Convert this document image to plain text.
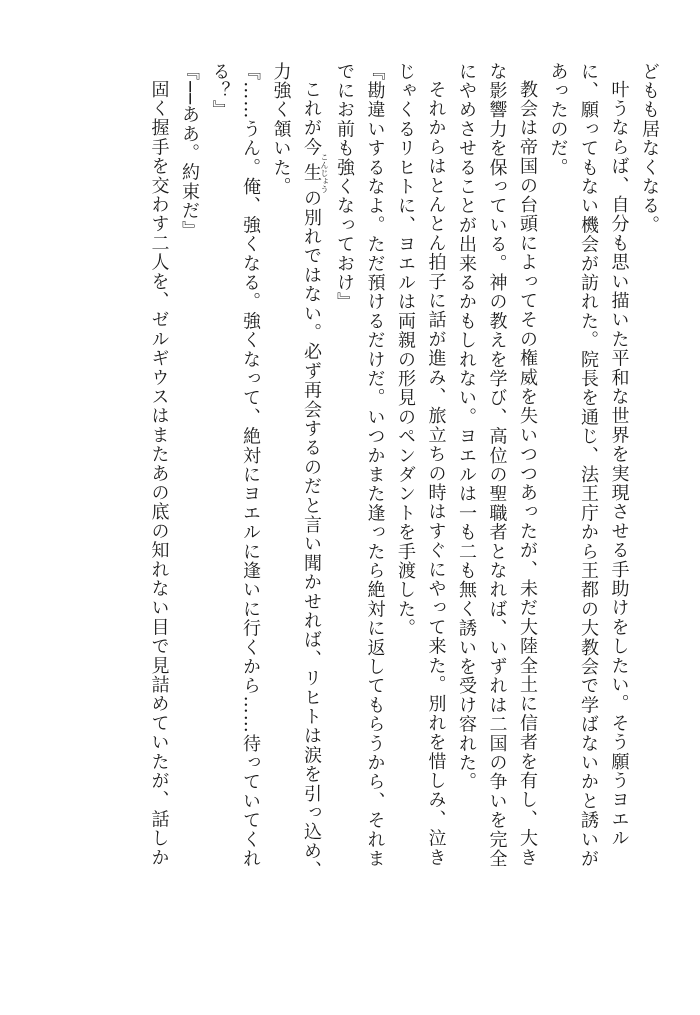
どもも居なくなる。
叶うならば、自分も思い描いた平和な世界を実現させる手助けをしたい。そう願うヨエル
に、願ってもない機会が訪れた。院長を通じ、法王庁から王都の大教会で学ばないかと誘いが
あったのだ。
教会は帝国の台頭によってその権威を失いつつあったが、未だ大陸全土に信者を有し、大き
な影響力を保っている。神の教えを学び、高位の聖職者となれば、いずれは二国の争いを完全
にやめさせることが出来るかもしれない。ヨエルは一も二も無く誘いを受け容れた。
それからはとんとん拍子に話が進み、旅立ちの時はすぐにやって来た。別れを惜しみ、泣き
じゃくるリヒトに、ヨエルは両親の形見のペンダントを手渡した。
『勘違いするなよ。ただ預けるだけだ。いつかまた逢ったら絶対に返してもらうから、それま
でにお前も強くなっておけ』
これが今生こんじょうの別れではない。必ず再会するのだと言い聞かせれば、リヒトは涙を引っ込め、
力強く頷いた。
『……うん。俺、強くなる。強くなって、絶対にヨエルに逢いに行くから……待っていてくれ
る？』
『──ああ。約束だ』
固く握手を交わす二人を、ゼルギウスはまたあの底の知れない目で見詰めていたが、話しか
